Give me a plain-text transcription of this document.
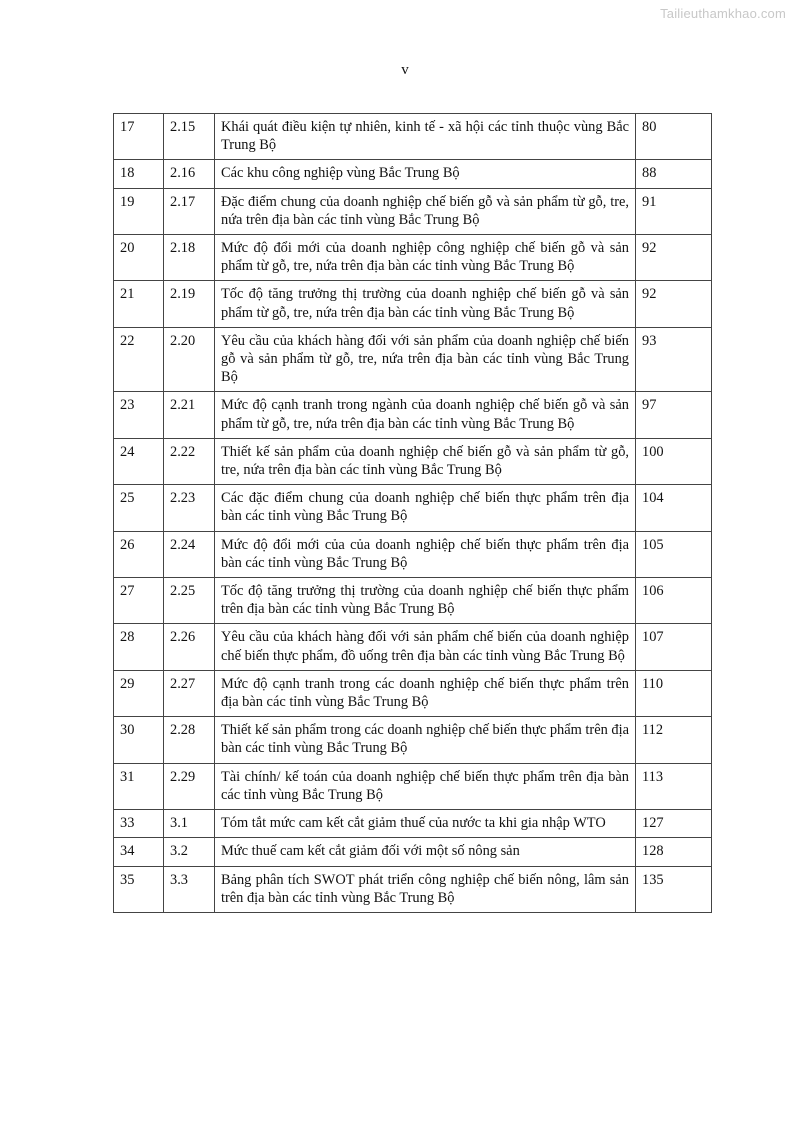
Tailieuthamkhao.com
v
17	2.15	Khái quát điều kiện tự nhiên, kinh tế - xã hội các tỉnh thuộc vùng Bắc Trung Bộ	80
18	2.16	Các khu công nghiệp vùng Bắc Trung Bộ	88
19	2.17	Đặc điểm chung của doanh nghiệp chế biến gỗ và sản phẩm từ gỗ, tre, nứa trên địa bàn các tỉnh vùng Bắc Trung Bộ	91
20	2.18	Mức độ đổi mới của doanh nghiệp công nghiệp chế biến gỗ và sản phẩm từ gỗ, tre, nứa trên địa bàn các tỉnh vùng Bắc Trung Bộ	92
21	2.19	Tốc độ tăng trưởng thị trường của doanh nghiệp chế biến gỗ và sản phẩm từ gỗ, tre, nứa trên địa bàn các tỉnh vùng Bắc Trung Bộ	92
22	2.20	Yêu cầu của khách hàng đối với sản phẩm của doanh nghiệp chế biến gỗ và sản phẩm từ gỗ, tre, nứa trên địa bàn các tỉnh vùng Bắc Trung Bộ	93
23	2.21	Mức độ cạnh tranh trong ngành của doanh nghiệp chế biến gỗ và sản phẩm từ gỗ, tre, nứa trên địa bàn các tỉnh vùng Bắc Trung Bộ	97
24	2.22	Thiết kế sản phẩm của doanh nghiệp chế biến gỗ và sản phẩm từ gỗ, tre, nứa trên địa bàn các tỉnh vùng Bắc Trung Bộ	100
25	2.23	Các đặc điểm chung của doanh nghiệp chế biến thực phẩm trên địa bàn các tỉnh vùng Bắc Trung Bộ	104
26	2.24	Mức độ đổi mới của của doanh nghiệp chế biến thực phẩm trên địa bàn các tỉnh vùng Bắc Trung Bộ	105
27	2.25	Tốc độ tăng trưởng thị trường của doanh nghiệp chế biến thực phẩm trên địa bàn các tỉnh vùng Bắc Trung Bộ	106
28	2.26	Yêu cầu của khách hàng đối với sản phẩm chế biến của doanh nghiệp chế biến thực phẩm, đồ uống trên địa bàn các tỉnh vùng Bắc Trung Bộ	107
29	2.27	Mức độ cạnh tranh trong các doanh nghiệp chế biến thực phẩm trên địa bàn các tỉnh vùng Bắc Trung Bộ	110
30	2.28	Thiết kế sản phẩm trong các doanh nghiệp chế biến thực phẩm trên địa bàn các tỉnh vùng Bắc Trung Bộ	112
31	2.29	Tài chính/ kế toán của doanh nghiệp chế biến thực phẩm trên địa bàn các tỉnh vùng Bắc Trung Bộ	113
33	3.1	Tóm tắt mức cam kết cắt giảm thuế của nước ta khi gia nhập WTO	127
34	3.2	Mức thuế cam kết cắt giảm đối với một số nông sản	128
35	3.3	Bảng phân tích SWOT phát triển công nghiệp chế biến nông, lâm sản trên địa bàn các tỉnh vùng Bắc Trung Bộ	135
